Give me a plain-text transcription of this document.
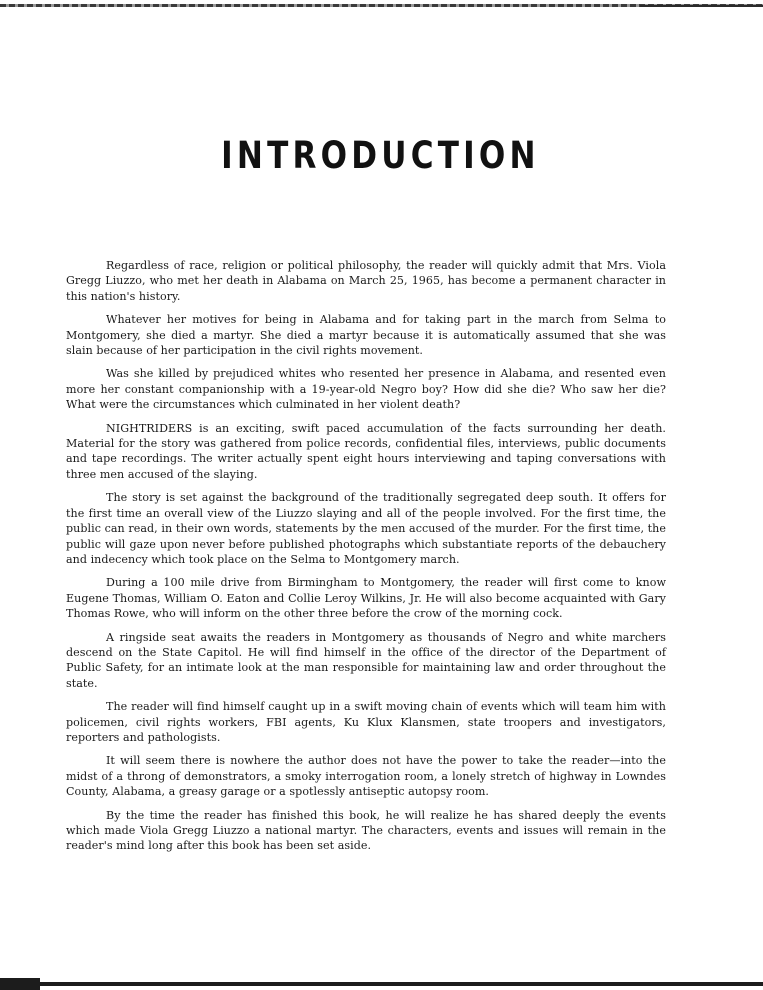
INTRODUCTION

Regardless of race, religion or political philosophy, the reader will quickly admit that Mrs. Viola Gregg Liuzzo, who met her death in Alabama on March 25, 1965, has become a permanent character in this nation's history.

Whatever her motives for being in Alabama and for taking part in the march from Selma to Montgomery, she died a martyr. She died a martyr because it is automatically assumed that she was slain because of her participation in the civil rights movement.

Was she killed by prejudiced whites who resented her presence in Alabama, and resented even more her constant companionship with a 19-year-old Negro boy? How did she die? Who saw her die? What were the circumstances which culminated in her violent death?

NIGHTRIDERS is an exciting, swift paced accumulation of the facts surrounding her death. Material for the story was gathered from police records, confidential files, interviews, public documents and tape recordings. The writer actually spent eight hours interviewing and taping conversations with three men accused of the slaying.

The story is set against the background of the traditionally segregated deep south. It offers for the first time an overall view of the Liuzzo slaying and all of the people involved. For the first time, the public can read, in their own words, statements by the men accused of the murder. For the first time, the public will gaze upon never before published photographs which substantiate reports of the debauchery and indecency which took place on the Selma to Montgomery march.

During a 100 mile drive from Birmingham to Montgomery, the reader will first come to know Eugene Thomas, William O. Eaton and Collie Leroy Wilkins, Jr. He will also become acquainted with Gary Thomas Rowe, who will inform on the other three before the crow of the morning cock.

A ringside seat awaits the readers in Montgomery as thousands of Negro and white marchers descend on the State Capitol. He will find himself in the office of the director of the Department of Public Safety, for an intimate look at the man responsible for maintaining law and order throughout the state.

The reader will find himself caught up in a swift moving chain of events which will team him with policemen, civil rights workers, FBI agents, Ku Klux Klansmen, state troopers and investigators, reporters and pathologists.

It will seem there is nowhere the author does not have the power to take the reader—into the midst of a throng of demonstrators, a smoky interrogation room, a lonely stretch of highway in Lowndes County, Alabama, a greasy garage or a spotlessly antiseptic autopsy room.

By the time the reader has finished this book, he will realize he has shared deeply the events which made Viola Gregg Liuzzo a national martyr. The characters, events and issues will remain in the reader's mind long after this book has been set aside.
